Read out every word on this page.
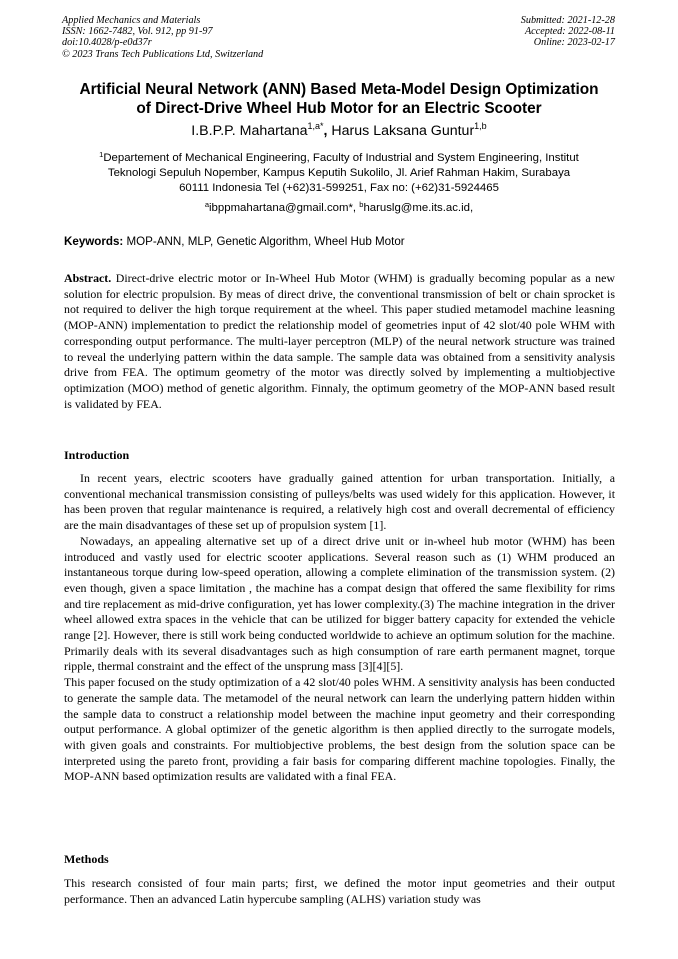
Applied Mechanics and Materials
ISSN: 1662-7482, Vol. 912, pp 91-97
doi:10.4028/p-e0d37r
© 2023 Trans Tech Publications Ltd, Switzerland
Submitted: 2021-12-28
Accepted: 2022-08-11
Online: 2023-02-17
Artificial Neural Network (ANN) Based Meta-Model Design Optimization
of Direct-Drive Wheel Hub Motor for an Electric Scooter
I.B.P.P. Mahartana$^{1,a*}$, Harus Laksana Guntur$^{1,b}$
$^1$Departement of Mechanical Engineering, Faculty of Industrial and System Engineering, Institut
Teknologi Sepuluh Nopember, Kampus Keputih Sukolilo, Jl. Arief Rahman Hakim, Surabaya
60111 Indonesia Tel (+62)31-599251, Fax no: (+62)31-5924465
$^a$ibppmahartana@gmail.com*, $^b$haruslg@me.its.ac.id,
Keywords: MOP-ANN, MLP, Genetic Algorithm, Wheel Hub Motor
Abstract. Direct-drive electric motor or In-Wheel Hub Motor (WHM) is gradually becoming popular as a new solution for electric propulsion. By meas of direct drive, the conventional transmission of belt or chain sprocket is not required to deliver the high torque requirement at the wheel. This paper studied metamodel machine leasning (MOP-ANN) implementation to predict the relationship model of geometries input of 42 slot/40 pole WHM with corresponding output performance. The multi-layer perceptron (MLP) of the neural network structure was trained to reveal the underlying pattern within the data sample. The sample data was obtained from a sensitivity analysis drive from FEA. The optimum geometry of the motor was directly solved by implementing a multiobjective optimization (MOO) method of genetic algorithm. Finnaly, the optimum geometry of the MOP-ANN based result is validated by FEA.
Introduction

In recent years, electric scooters have gradually gained attention for urban transportation. Initially, a conventional mechanical transmission consisting of pulleys/belts was used widely for this application. However, it has been proven that regular maintenance is required, a relatively high cost and overall decremental of efficiency are the main disadvantages of these set up of propulsion system [1].

Nowadays, an appealing alternative set up of a direct drive unit or in-wheel hub motor (WHM) has been introduced and vastly used for electric scooter applications. Several reason such as (1) WHM produced an instantaneous torque during low-speed operation, allowing a complete elimination of the transmission system. (2) even though, given a space limitation , the machine has a compat design that offered the same flexibility for rims and tire replacement as mid-drive configuration, yet has lower complexity.(3) The machine integration in the driver wheel allowed extra spaces in the vehicle that can be utilized for bigger battery capacity for extended the vehicle range [2]. However, there is still work being conducted worldwide to achieve an optimum solution for the machine. Primarily deals with its several disadvantages such as high consumption of rare earth permanent magnet, torque ripple, thermal constraint and the effect of the unsprung mass [3][4][5].

This paper focused on the study optimization of a 42 slot/40 poles WHM. A sensitivity analysis has been conducted to generate the sample data. The metamodel of the neural network can learn the underlying pattern hidden within the sample data to construct a relationship model between the machine input geometry and their corresponding output performance. A global optimizer of the genetic algorithm is then applied directly to the surrogate models, with given goals and constraints. For multiobjective problems, the best design from the solution space can be interpreted using the pareto front, providing a fair basis for comparing different machine topologies. Finally, the MOP-ANN based optimization results are validated with a final FEA.

Methods

This research consisted of four main parts; first, we defined the motor input geometries and their output performance. Then an advanced Latin hypercube sampling (ALHS) variation study was
